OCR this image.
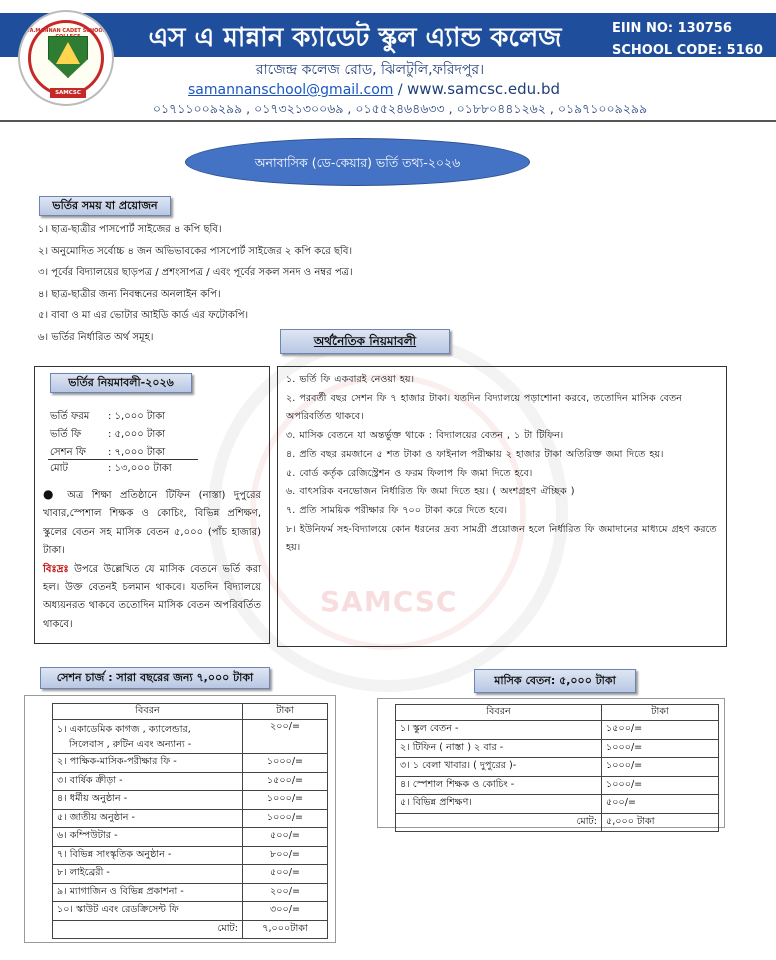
SAMCSC
S.A.MANNAN CADET SCHOOL &
SAMCSC
এস এ মান্নান ক্যাডেট স্কুল এ্যান্ড কলেজ	EIIN NO: 130756
SCHOOL CODE: 5160
রাজেন্দ্র কলেজ রোড, ঝিলটুলি,ফরিদপুর।
samannanschool@gmail.com / www.samcsc.edu.bd
০১৭১১০০৯২৯৯ , ০১৭৩২১৩০০৬৯ , ০১৫৫২৪৬৪৬৩৩ , ০১৮৮০৪৪১২৬২ , ০১৯৭১০০৯২৯৯
অনাবাসিক (ডে-কেয়ার) ভর্তি তথ্য-২০২৬
ভর্তির সময় যা প্রয়োজন
১। ছাত্র-ছাত্রীর পাসপোর্ট সাইজের ৪ কপি ছবি।
২। অনুমোদিত সর্বোচ্চ ৪ জন অভিভাবকের পাসপোর্ট সাইজের ২ কপি করে ছবি।
৩। পূর্বের বিদ্যালয়ের ছাড়পত্র / প্রশংসাপত্র / এবং পূর্বের সকল সনদ ও নম্বর পত্র।
৪। ছাত্র-ছাত্রীর জন্য নিবন্ধনের অনলাইন কপি।
৫। বাবা ও মা এর ভোটার আইডি কার্ড এর ফটোকপি।
৬। ভর্তির নির্ধারিত অর্থ সমূহ।	অর্থনৈতিক নিয়মাবলী
ভর্তির নিয়মাবলী-২০২৬
ভর্তি ফরম : ১,০০০ টাকা
ভর্তি ফি	: ৫,০০০ টাকা
সেশন ফি : ৭,০০০ টাকা
মোট	: ১৩,০০০ টাকা
● অত্র শিক্ষা প্রতিষ্ঠানে টিফিন (নাস্তা) দুপুরের খাবার,স্পেশাল শিক্ষক ও কোচিং, বিভিন্ন প্রশিক্ষণ, স্কুলের বেতন সহ মাসিক বেতন ৫,০০০ (পাঁচ হাজার) টাকা।
বিঃদ্রঃ উপরে উল্লেখিত যে মাসিক বেতনে ভর্তি করা হল। উক্ত বেতনই চলমান থাকবে। যতদিন বিদ্যালয়ে অধ্যয়নরত থাকবে ততোদিন মাসিক বেতন অপরিবর্তিত থাকবে।
১. ভর্তি ফি একবারই নেওয়া হয়।
২. পরবর্তী বছর সেশন ফি ৭ হাজার টাকা। যতদিন বিদ্যালয়ে পড়াশোনা করবে, ততোদিন মাসিক বেতন অপরিবর্তিত থাকবে।
৩. মাসিক বেতনে যা অন্তর্ভুক্ত থাকে : বিদ্যালয়ের বেতন , ১ টা টিফিন।
৪. প্রতি বছর রমজানে ৫ শত টাকা ও ফাইনাল পরীক্ষায় ২ হাজার টাকা অতিরিক্ত জমা দিতে হয়।
৫. বোর্ড কর্তৃক রেজিস্ট্রেশন ও ফরম ফিলাপ ফি জমা দিতে হবে।
৬. বাৎসরিক বনভোজন নির্ধারিত ফি জমা দিতে হয়। ( অংশগ্রহণ ঐচ্ছিক )
৭. প্রতি সাময়িক পরীক্ষার ফি ৭০০ টাকা করে দিতে হবে।
৮। ইউনিফর্ম সহ-বিদ্যালয়ে কোন ধরনের দ্রব্য সামগ্রী প্রয়োজন হলে নির্ধারিত ফি জমাদানের মাধ্যমে গ্রহণ করতে হয়।
সেশন চার্জ : সারা বছরের জন্য ৭,০০০ টাকা
বিবরন	টাকা

১। একাডেমিক কাগজ , ক্যালেন্ডার,
সিলেবাস , রুটিন এবং অন্যান্য -	২০০/=
২। পাক্ষিক-মাসিক-পরীক্ষার ফি -	১০০০/=
৩। বার্ষিক ক্রীড়া -	১৫০০/=
৪। ধর্মীয় অনুষ্ঠান -	১০০০/=
৫। জাতীয় অনুষ্ঠান -	১০০০/=
৬। কম্পিউটার -	৫০০/=
৭। বিভিন্ন সাংস্কৃতিক অনুষ্ঠান -	৮০০/=
৮। লাইব্রেরী -	৫০০/=
৯। ম্যাগাজিন ও বিভিন্ন প্রকাশনা -	২০০/=
১০। স্কাউট এবং রেডক্রিসেন্ট ফি	৩০০/=
মোট:	৭,০০০টাকা
মাসিক বেতন: ৫,০০০ টাকা
বিবরন	টাকা
১। স্কুল বেতন -	১৫০০/=
২। টিফিন ( নাস্তা ) ২ বার -	১০০০/=
৩। ১ বেলা খাবার। ( দুপুরের )-	১০০০/=
৪। স্পেশাল শিক্ষক ও কোচিং -	১০০০/=
৫। বিভিন্ন প্রশিক্ষণ।	৫০০/=
মোট:	৫,০০০ টাকা
